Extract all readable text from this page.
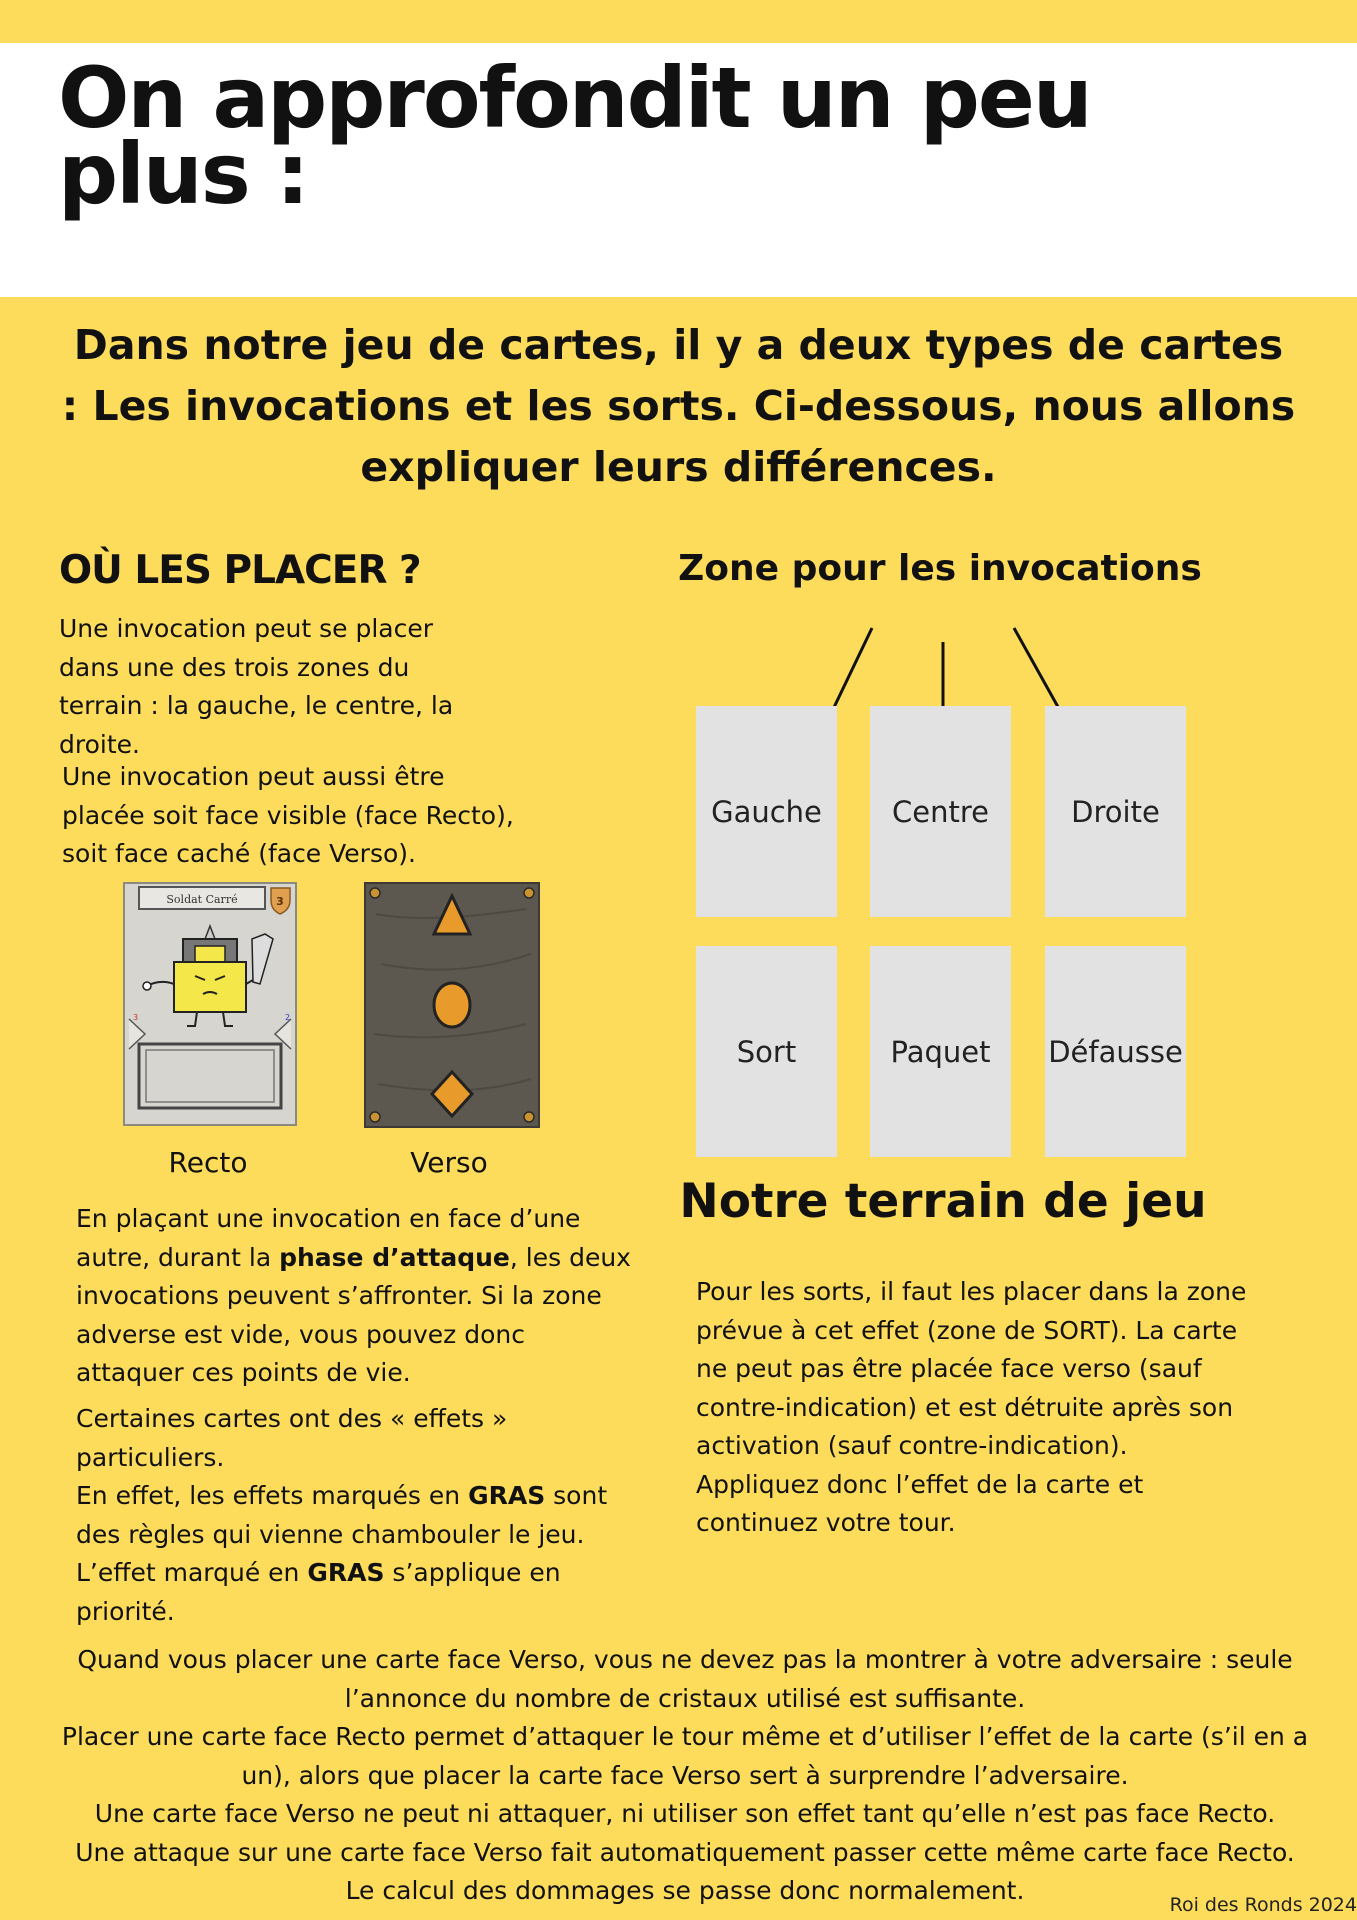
On approfondit un peu plus :

Dans notre jeu de cartes, il y a deux types de cartes : Les invocations et les sorts. Ci-dessous, nous allons expliquer leurs différences.

OÙ LES PLACER ?

Une invocation peut se placer dans une des trois zones du terrain : la gauche, le centre, la droite.

Une invocation peut aussi être placée soit face visible (face Recto), soit face caché (face Verso).

Soldat Carré	3
3	2
Recto	Verso

En plaçant une invocation en face d’une autre, durant la phase d’attaque, les deux invocations peuvent s’affronter. Si la zone adverse est vide, vous pouvez donc attaquer ces points de vie.

Certaines cartes ont des « effets » particuliers.
En effet, les effets marqués en GRAS sont des règles qui vienne chambouler le jeu.
L’effet marqué en GRAS s’applique en priorité.

Zone pour les invocations
Gauche	Centre	Droite
Sort	Paquet	Défausse
Notre terrain de jeu

Pour les sorts, il faut les placer dans la zone prévue à cet effet (zone de SORT). La carte ne peut pas être placée face verso (sauf contre-indication) et est détruite après son activation (sauf contre-indication). Appliquez donc l’effet de la carte et continuez votre tour.

Quand vous placer une carte face Verso, vous ne devez pas la montrer à votre adversaire : seule l’annonce du nombre de cristaux utilisé est suffisante.
Placer une carte face Recto permet d’attaquer le tour même et d’utiliser l’effet de la carte (s’il en a un), alors que placer la carte face Verso sert à surprendre l’adversaire.
Une carte face Verso ne peut ni attaquer, ni utiliser son effet tant qu’elle n’est pas face Recto.
Une attaque sur une carte face Verso fait automatiquement passer cette même carte face Recto.
Le calcul des dommages se passe donc normalement.	Roi des Ronds 2024
